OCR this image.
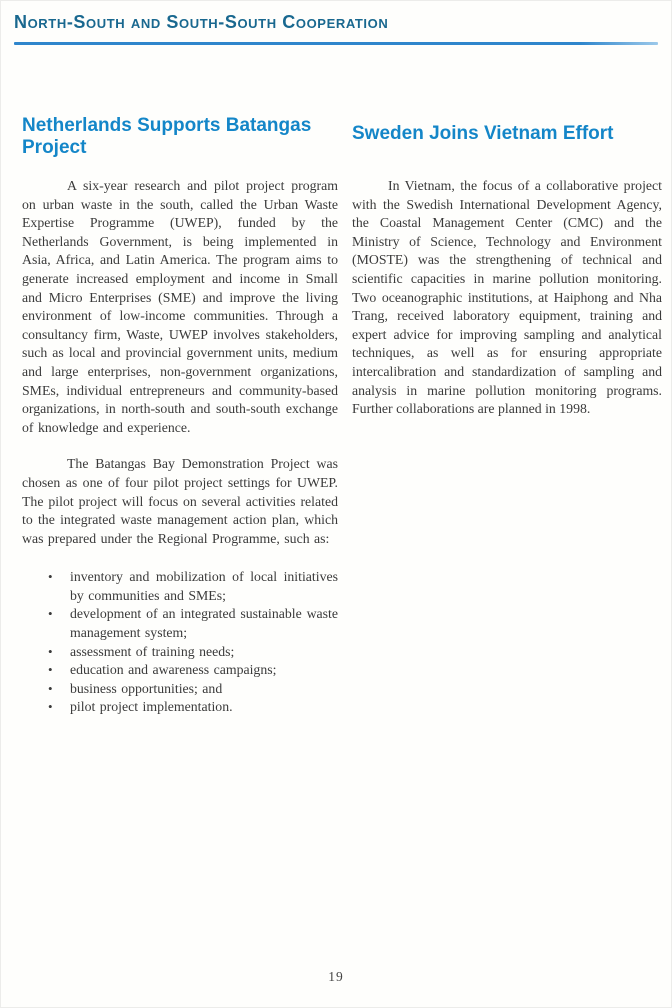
North-South and South-South Cooperation
Netherlands Supports Batangas Project

A six-year research and pilot project program on urban waste in the south, called the Urban Waste Expertise Programme (UWEP), funded by the Netherlands Government, is being implemented in Asia, Africa, and Latin America. The program aims to generate increased employment and income in Small and Micro Enterprises (SME) and improve the living environment of low-income communities. Through a consultancy firm, Waste, UWEP involves stakeholders, such as local and provincial government units, medium and large enterprises, non-government organizations, SMEs, individual entrepreneurs and community-based organizations, in north-south and south-south exchange of knowledge and experience.

The Batangas Bay Demonstration Project was chosen as one of four pilot project settings for UWEP. The pilot project will focus on several activities related to the integrated waste management action plan, which was prepared under the Regional Programme, such as:

• inventory and mobilization of local initiatives by communities and SMEs;
• development of an integrated sustainable waste management system;
• assessment of training needs;
• education and awareness campaigns;
• business opportunities; and
• pilot project implementation.
Sweden Joins Vietnam Effort

In Vietnam, the focus of a collaborative project with the Swedish International Development Agency, the Coastal Management Center (CMC) and the Ministry of Science, Technology and Environment (MOSTE) was the strengthening of technical and scientific capacities in marine pollution monitoring. Two oceanographic institutions, at Haiphong and Nha Trang, received laboratory equipment, training and expert advice for improving sampling and analytical techniques, as well as for ensuring appropriate intercalibration and standardization of sampling and analysis in marine pollution monitoring programs. Further collaborations are planned in 1998.

19
